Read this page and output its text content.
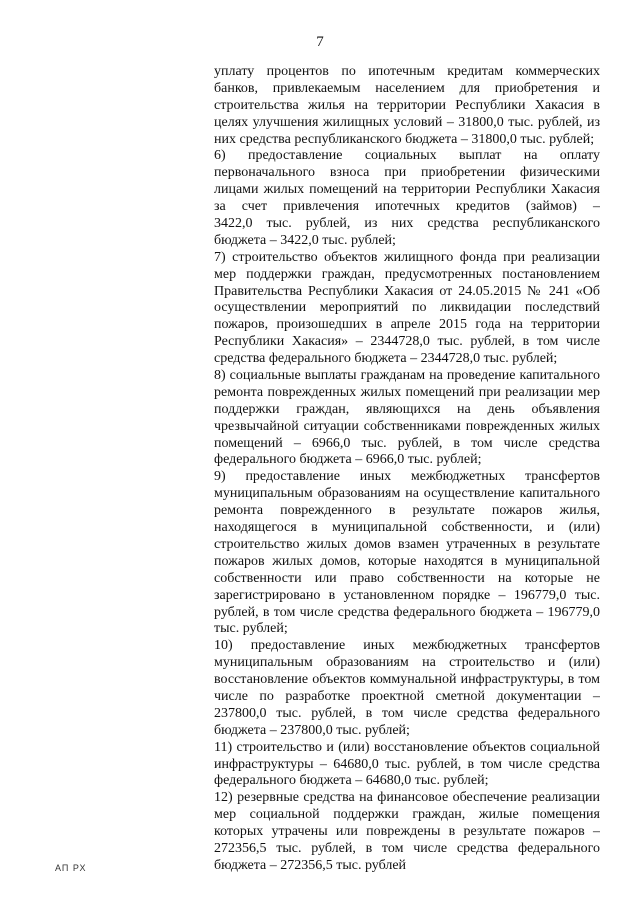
7
уплату процентов по ипотечным кредитам коммерческих
банков, привлекаемым населением для приобретения и
строительства жилья на территории Республики Хакасия в
целях улучшения жилищных условий – 31800,0 тыс. рублей, из
них средства республиканского бюджета – 31800,0 тыс. рублей;
6) предоставление социальных выплат на оплату
первоначального взноса при приобретении физическими
лицами жилых помещений на территории Республики Хакасия
за счет привлечения ипотечных кредитов (займов) –
3422,0 тыс. рублей, из них средства республиканского
бюджета – 3422,0 тыс. рублей;
7) строительство объектов жилищного фонда при реализации
мер поддержки граждан, предусмотренных постановлением
Правительства Республики Хакасия от 24.05.2015 № 241 «Об
осуществлении мероприятий по ликвидации последствий
пожаров, произошедших в апреле 2015 года на территории
Республики Хакасия» – 2344728,0 тыс. рублей, в том числе
средства федерального бюджета – 2344728,0 тыс. рублей;
8) социальные выплаты гражданам на проведение капитального
ремонта поврежденных жилых помещений при реализации мер
поддержки граждан, являющихся на день объявления
чрезвычайной ситуации собственниками поврежденных жилых
помещений – 6966,0 тыс. рублей, в том числе средства
федерального бюджета – 6966,0 тыс. рублей;
9) предоставление иных межбюджетных трансфертов
муниципальным образованиям на осуществление капитального
ремонта поврежденного в результате пожаров жилья,
находящегося в муниципальной собственности, и (или)
строительство жилых домов взамен утраченных в результате
пожаров жилых домов, которые находятся в муниципальной
собственности или право собственности на которые не
зарегистрировано в установленном порядке – 196779,0 тыс.
рублей, в том числе средства федерального бюджета – 196779,0
тыс. рублей;
10) предоставление иных межбюджетных трансфертов
муниципальным образованиям на строительство и (или)
восстановление объектов коммунальной инфраструктуры, в том
числе по разработке проектной сметной документации –
237800,0 тыс. рублей, в том числе средства федерального
бюджета – 237800,0 тыс. рублей;
11) строительство и (или) восстановление объектов социальной
инфраструктуры – 64680,0 тыс. рублей, в том числе средства
федерального бюджета – 64680,0 тыс. рублей;
12) резервные средства на финансовое обеспечение реализации
мер социальной поддержки граждан, жилые помещения
которых утрачены или повреждены в результате пожаров –
272356,5 тыс. рублей, в том числе средства федерального
бюджета – 272356,5 тыс. рублей
АП РХ
